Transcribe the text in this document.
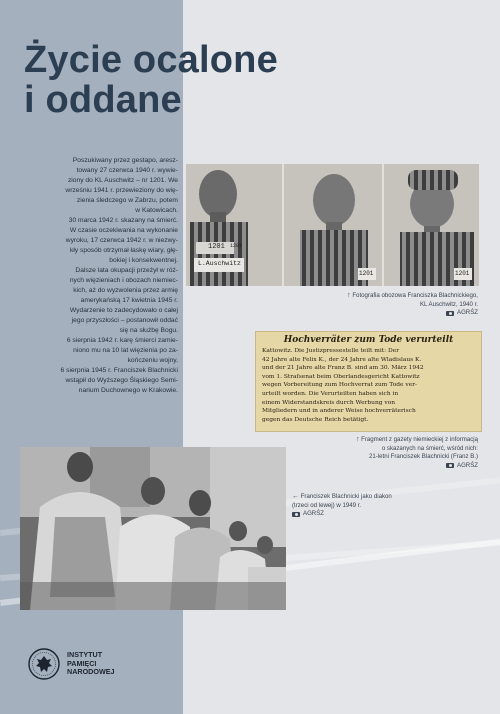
Życie ocalone
i oddane

Poszukiwany przez gestapo, aresz-

towany 27 czerwca 1940 r. wywie-

ziony do KL Auschwitz – nr 1201. We

wrześniu 1941 r. przewieziony do wię-

zienia śledczego w Zabrzu, potem

w Katowicach.

30 marca 1942 r. skazany na śmierć.

W czasie oczekiwania na wykonanie

wyroku, 17 czerwca 1942 r. w niezwy-

kły sposób otrzymał łaskę wiary, głę-

bokiej i konsekwentnej.

Dalsze lata okupacji przeżył w róż-

nych więzieniach i obozach niemiec-

kich, aż do wyzwolenia przez armię

amerykańską 17 kwietnia 1945 r.

Wydarzenie to zadecydowało o całej

jego przyszłości – postanowił oddać

się na służbę Bogu.

6 sierpnia 1942 r. karę śmierci zamie-

niono mu na 10 lat więzienia po za-

kończeniu wojny.

6 sierpnia 1945 r. Franciszek Blachnicki

wstąpił do Wyższego Śląskiego Semi-

narium Duchownego w Krakowie.

1201
L.Auschwitz
1201
1201	1201
↑ Fotografia obozowa Franciszka Blachnickiego,
KL Auschwitz, 1940 r.
AGRŚZ
Hochverräter zum Tode verurteilt
Kattowitz. Die Justizpressestelle teilt mit: Der
42 Jahre alte Felix K., der 24 Jahre alte Wladislaus K.
und der 21 Jahre alte Franz B. sind am 30. März 1942
vom 1. Strafsenat beim Oberlandesgericht Kattowitz
wegen Vorbereitung zum Hochverrat zum Tode ver-
urteilt worden. Die Verurteilten haben sich in
einem Widerstandskreis durch Werbung von
Mitgliedern und in anderer Weise hochverräterisch
gegen das Deutsche Reich betätigt.
↑ Fragment z gazety niemieckiej z informacją
o skazanych na śmierć, wśród nich:
21-letni Franciszek Blachnicki (Franz B.)
AGRŚZ
← Franciszek Blachnicki jako diakon
(trzeci od lewej) w 1949 r.
AGRŚZ
INSTYTUT
PAMIĘCI
NARODOWEJ
